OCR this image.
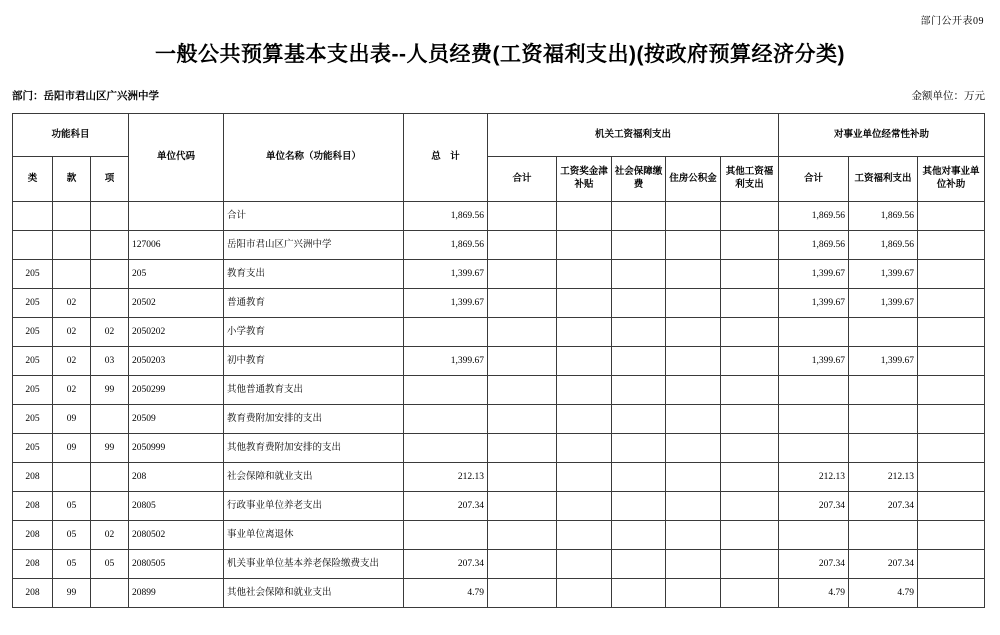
部门公开表09
一般公共预算基本支出表--人员经费(工资福利支出)(按政府预算经济分类)
部门：岳阳市君山区广兴洲中学	金额单位：万元
功能科目			单位代码	单位名称（功能科目）	总　计	机关工资福利支出					对事业单位经常性补助		
类	款	项				合计	工资奖金津补贴	社会保障缴费	住房公积金	其他工资福利支出	合计	工资福利支出	其他对事业单位补助
				合计	1,869.56						1,869.56	1,869.56	
			127006	岳阳市君山区广兴洲中学	1,869.56						1,869.56	1,869.56	
205			205	教育支出	1,399.67						1,399.67	1,399.67	
205	02		20502	普通教育	1,399.67						1,399.67	1,399.67	
205	02	02	2050202	小学教育									
205	02	03	2050203	初中教育	1,399.67						1,399.67	1,399.67	
205	02	99	2050299	其他普通教育支出									
205	09		20509	教育费附加安排的支出									
205	09	99	2050999	其他教育费附加安排的支出									
208			208	社会保障和就业支出	212.13						212.13	212.13	
208	05		20805	行政事业单位养老支出	207.34						207.34	207.34	
208	05	02	2080502	事业单位离退休									
208	05	05	2080505	机关事业单位基本养老保险缴费支出	207.34						207.34	207.34	
208	99		20899	其他社会保障和就业支出	4.79						4.79	4.79	
